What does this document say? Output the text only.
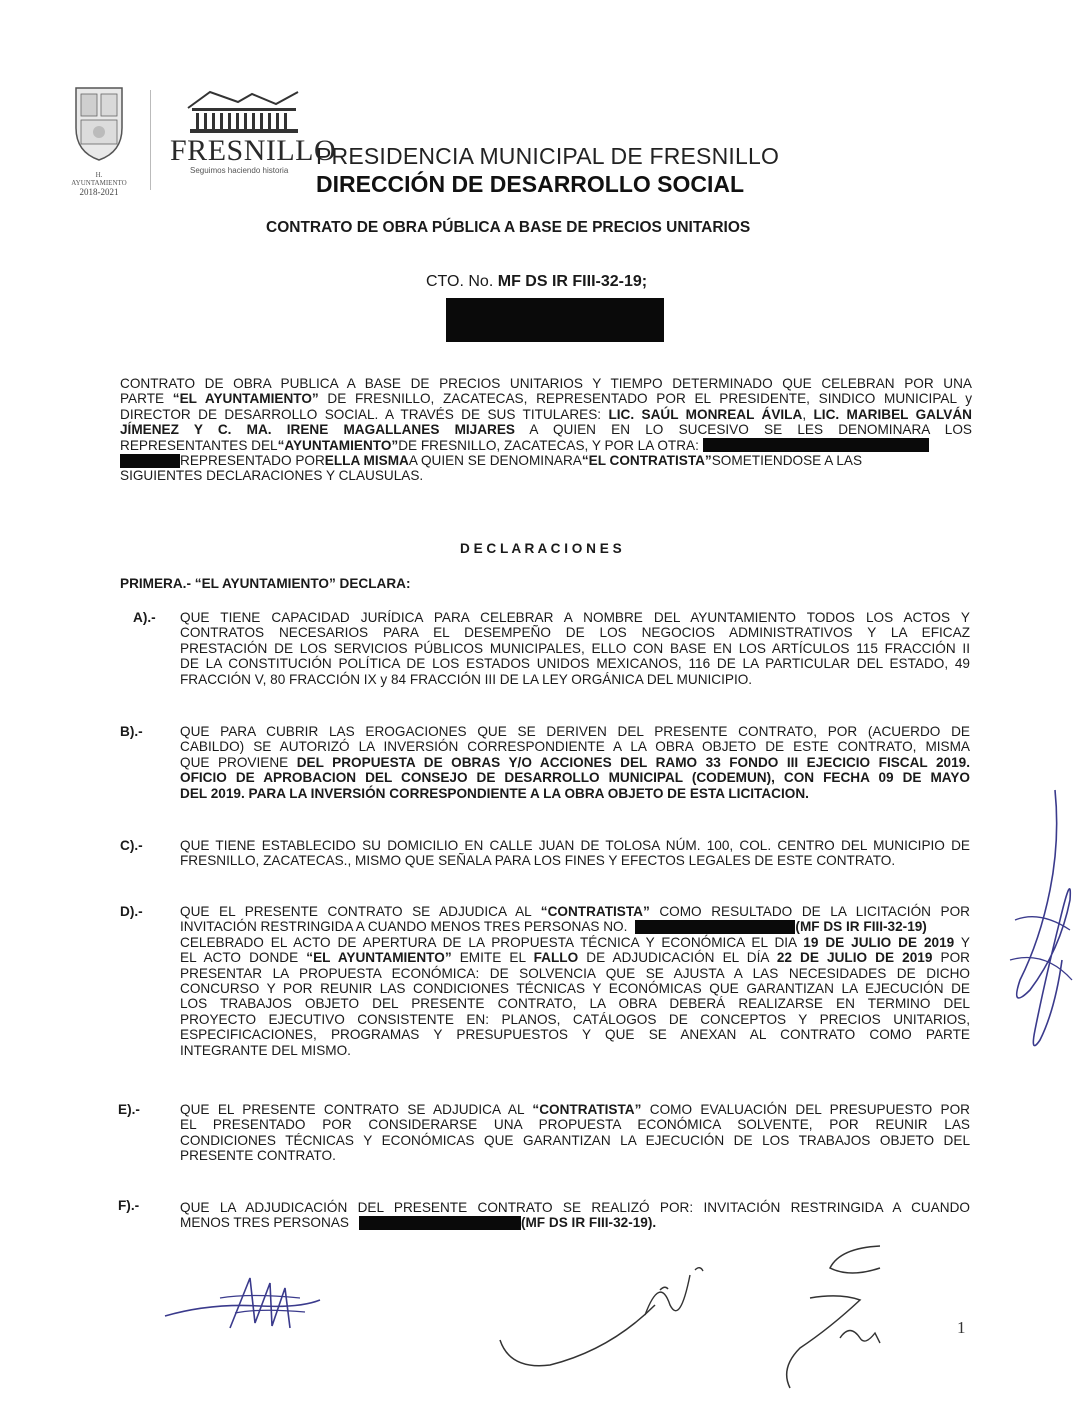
H. AYUNTAMIENTO
2018-2021
FRESNILLO
Seguimos haciendo historia
PRESIDENCIA MUNICIPAL DE FRESNILLO
DIRECCIÓN DE DESARROLLO SOCIAL
CONTRATO DE OBRA PÚBLICA A BASE DE PRECIOS UNITARIOS
CTO. No. MF DS IR FIII-32-19;
CONTRATO DE OBRA PUBLICA A BASE DE PRECIOS UNITARIOS Y TIEMPO DETERMINADO QUE CELEBRAN POR UNA
PARTE “EL AYUNTAMIENTO” DE FRESNILLO, ZACATECAS, REPRESENTADO POR EL PRESIDENTE, SINDICO MUNICIPAL y
DIRECTOR DE DESARROLLO SOCIAL. A TRAVÉS DE SUS TITULARES: LIC. SAÚL MONREAL ÁVILA, LIC. MARIBEL GALVÁN
JÍMENEZ Y C. MA. IRENE MAGALLANES MIJARES A QUIEN EN LO SUCESIVO SE LES DENOMINARA LOS
REPRESENTANTES DEL “AYUNTAMIENTO” DE FRESNILLO, ZACATECAS, Y POR LA OTRA:
REPRESENTADO POR ELLA MISMA A QUIEN SE DENOMINARA “EL CONTRATISTA” SOMETIENDOSE A LAS
SIGUIENTES DECLARACIONES Y CLAUSULAS.
D E C L A R A C I O N E S
PRIMERA.- “EL AYUNTAMIENTO” DECLARA:
A).- QUE TIENE CAPACIDAD JURÍDICA PARA CELEBRAR A NOMBRE DEL AYUNTAMIENTO TODOS LOS ACTOS Y
CONTRATOS NECESARIOS PARA EL DESEMPEÑO DE LOS NEGOCIOS ADMINISTRATIVOS Y LA EFICAZ
PRESTACIÓN DE LOS SERVICIOS PÚBLICOS MUNICIPALES, ELLO CON BASE EN LOS ARTÍCULOS 115 FRACCIÓN II
DE LA CONSTITUCIÓN POLÍTICA DE LOS ESTADOS UNIDOS MEXICANOS, 116 DE LA PARTICULAR DEL ESTADO, 49
FRACCIÓN V, 80 FRACCIÓN IX y 84 FRACCIÓN III DE LA LEY ORGÁNICA DEL MUNICIPIO.
B).-	QUE PARA CUBRIR LAS EROGACIONES QUE SE DERIVEN DEL PRESENTE CONTRATO, POR (ACUERDO DE
CABILDO) SE AUTORIZÓ LA INVERSIÓN CORRESPONDIENTE A LA OBRA OBJETO DE ESTE CONTRATO, MISMA
QUE PROVIENE DEL PROPUESTA DE OBRAS Y/O ACCIONES DEL RAMO 33 FONDO III EJECICIO FISCAL 2019.
OFICIO DE APROBACION DEL CONSEJO DE DESARROLLO MUNICIPAL (CODEMUN), CON FECHA 09 DE MAYO
DEL 2019. PARA LA INVERSIÓN CORRESPONDIENTE A LA OBRA OBJETO DE ESTA LICITACION.
C).-	QUE TIENE ESTABLECIDO SU DOMICILIO EN CALLE JUAN DE TOLOSA NÚM. 100, COL. CENTRO DEL MUNICIPIO DE
FRESNILLO, ZACATECAS., MISMO QUE SEÑALA PARA LOS FINES Y EFECTOS LEGALES DE ESTE CONTRATO.
D).-	QUE EL PRESENTE CONTRATO SE ADJUDICA AL “CONTRATISTA” COMO RESULTADO DE LA LICITACIÓN POR
INVITACIÓN RESTRINGIDA A CUANDO MENOS TRES PERSONAS NO.	(MF DS IR FIII-32-19)
CELEBRADO EL ACTO DE APERTURA DE LA PROPUESTA TÉCNICA Y ECONÓMICA EL DIA 19 DE JULIO DE 2019 Y
EL ACTO DONDE “EL AYUNTAMIENTO” EMITE EL FALLO DE ADJUDICACIÓN EL DÍA 22 DE JULIO DE 2019 POR
PRESENTAR LA PROPUESTA ECONÓMICA: DE SOLVENCIA QUE SE AJUSTA A LAS NECESIDADES DE DICHO
CONCURSO Y POR REUNIR LAS CONDICIONES TÉCNICAS Y ECONÓMICAS QUE GARANTIZAN LA EJECUCIÓN DE
LOS TRABAJOS OBJETO DEL PRESENTE CONTRATO, LA OBRA DEBERÁ REALIZARSE EN TERMINO DEL
PROYECTO EJECUTIVO CONSISTENTE EN: PLANOS, CATÁLOGOS DE CONCEPTOS Y PRECIOS UNITARIOS,
ESPECIFICACIONES, PROGRAMAS Y PRESUPUESTOS Y QUE SE ANEXAN AL CONTRATO COMO PARTE
INTEGRANTE DEL MISMO.
E).-	QUE EL PRESENTE CONTRATO SE ADJUDICA AL “CONTRATISTA” COMO EVALUACIÓN DEL PRESUPUESTO POR
EL PRESENTADO POR CONSIDERARSE UNA PROPUESTA ECONÓMICA SOLVENTE, POR REUNIR LAS
CONDICIONES TÉCNICAS Y ECONÓMICAS QUE GARANTIZAN LA EJECUCIÓN DE LOS TRABAJOS OBJETO DEL
PRESENTE CONTRATO.
F).-	QUE LA ADJUDICACIÓN DEL PRESENTE CONTRATO SE REALIZÓ POR: INVITACIÓN RESTRINGIDA A CUANDO
MENOS TRES PERSONAS	(MF DS IR FIII-32-19).
1
